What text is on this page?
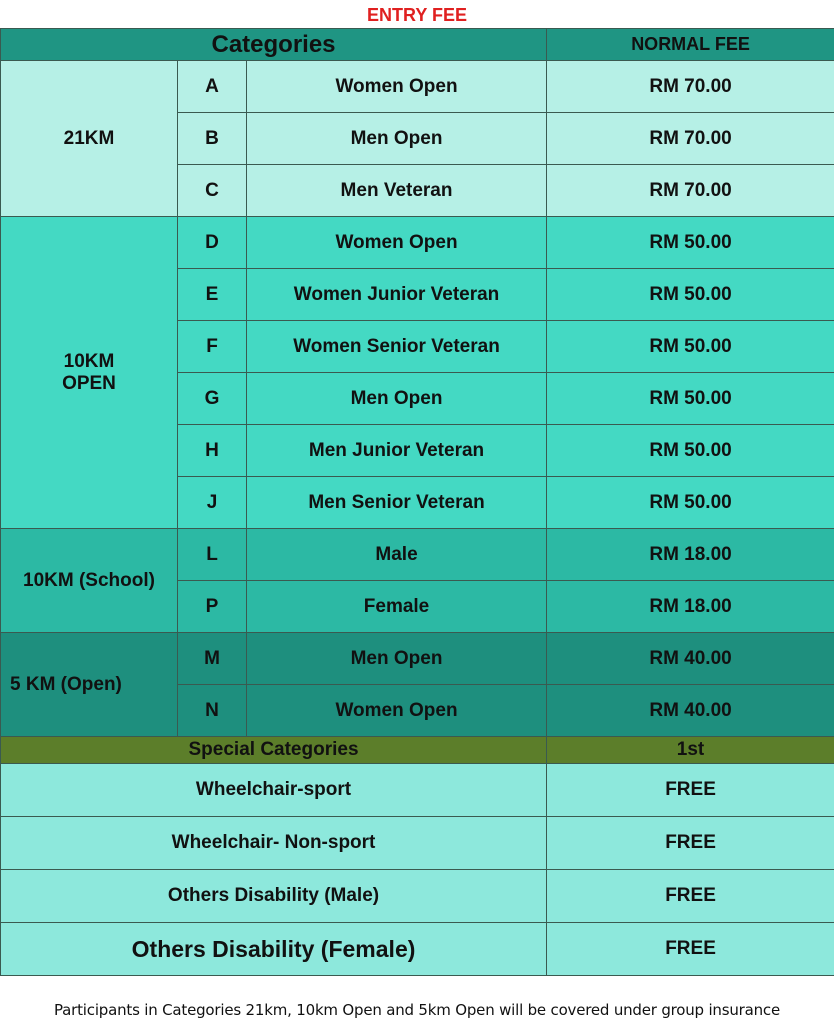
ENTRY FEE
Categories			NORMAL FEE
21KM	A	Women Open	RM 70.00
	B	Men Open	RM 70.00
	C	Men Veteran	RM 70.00
10KM
OPEN	D	Women Open	RM 50.00
	E	Women Junior Veteran	RM 50.00
	F	Women Senior Veteran	RM 50.00
	G	Men Open	RM 50.00
	H	Men Junior Veteran	RM 50.00
	J	Men Senior Veteran	RM 50.00
10KM (School)	L	Male	RM 18.00
	P	Female	RM 18.00
5 KM (Open)	M	Men Open	RM 40.00
	N	Women Open	RM 40.00
Special Categories			1st
Wheelchair-sport			FREE
Wheelchair- Non-sport			FREE
Others Disability (Male)			FREE
Others Disability (Female)			FREE
Participants in Categories 21km, 10km Open and 5km Open will be covered under group insurance
